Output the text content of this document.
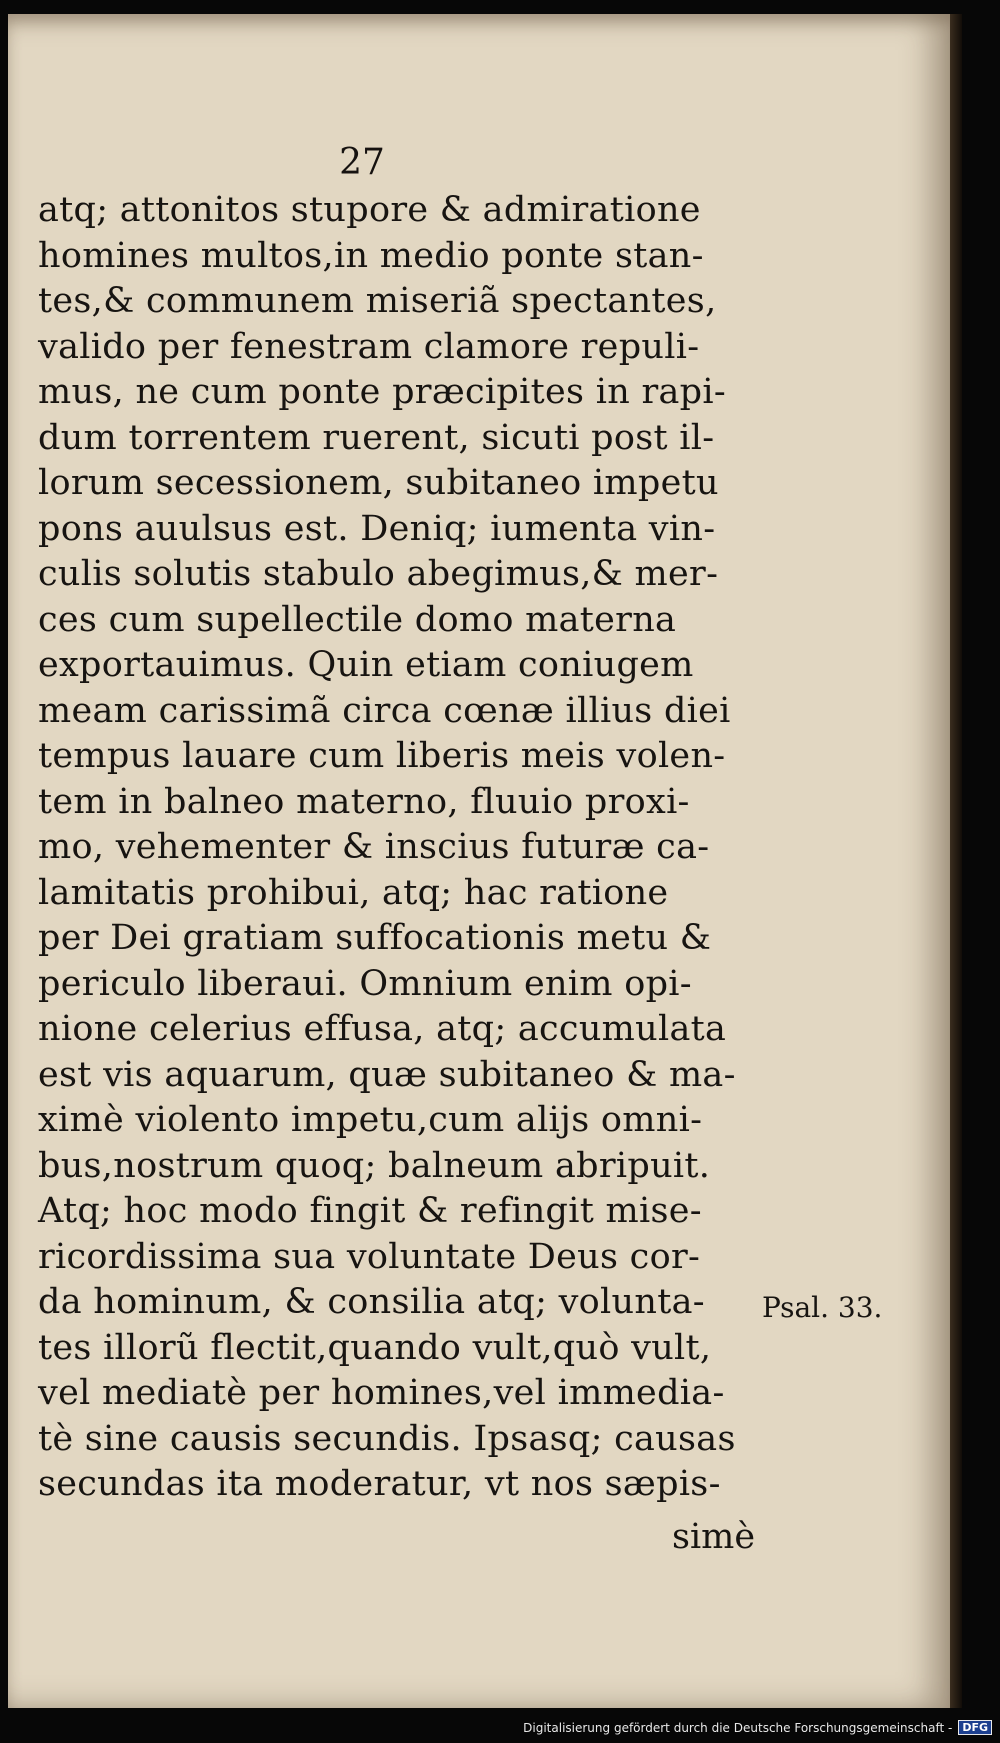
27
atq; attonitos stupore & admiratione
homines multos,in medio ponte stan-
tes,& communem miseriã spectantes,
valido per fenestram clamore repuli-
mus, ne cum ponte præcipites in rapi-
dum torrentem ruerent, sicuti post il-
lorum secessionem, subitaneo impetu
pons auulsus est. Deniq; iumenta vin-
culis solutis stabulo abegimus,& mer-
ces cum supellectile domo materna
exportauimus. Quin etiam coniugem
meam carissimã circa cœnæ illius diei
tempus lauare cum liberis meis volen-
tem in balneo materno, fluuio proxi-
mo, vehementer & inscius futuræ ca-
lamitatis prohibui, atq; hac ratione
per Dei gratiam suffocationis metu &
periculo liberaui. Omnium enim opi-
nione celerius effusa, atq; accumulata
est vis aquarum, quæ subitaneo & ma-
ximè violento impetu,cum alijs omni-
bus,nostrum quoq; balneum abripuit.
Atq; hoc modo fingit & refingit mise-
ricordissima sua voluntate Deus cor-
da hominum, & consilia atq; volunta-
tes illorũ flectit,quando vult,quò vult,
vel mediatè per homines,vel immedia-
tè sine causis secundis. Ipsasq; causas
secundas ita moderatur, vt nos sæpis-
Psal. 33.
simè
Digitalisierung gefördert durch die Deutsche Forschungsgemeinschaft - DFG
